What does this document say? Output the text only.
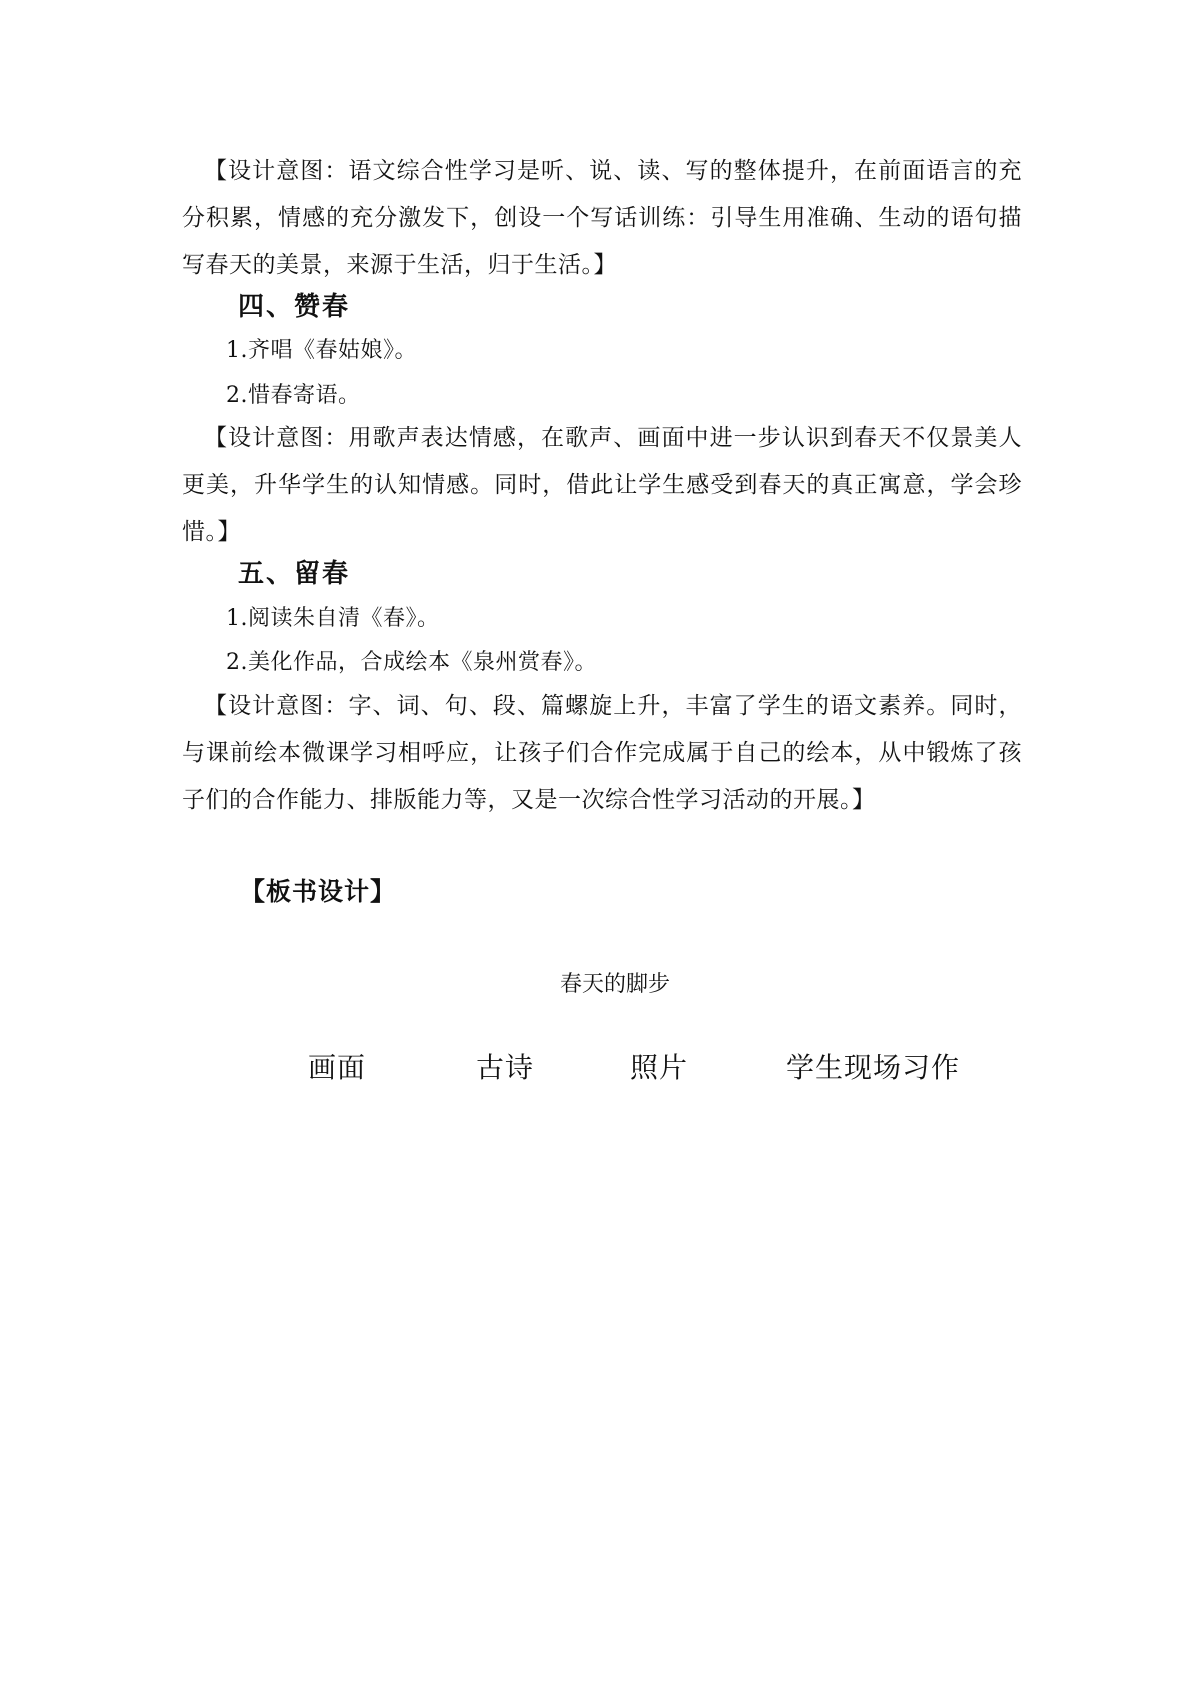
【设计意图：语文综合性学习是听、说、读、写的整体提升，在前面语言的充分积累，情感的充分激发下，创设一个写话训练：引导生用准确、生动的语句描写春天的美景，来源于生活，归于生活。】
四、赞春
1.齐唱《春姑娘》。
2.惜春寄语。
【设计意图：用歌声表达情感，在歌声、画面中进一步认识到春天不仅景美人更美，升华学生的认知情感。同时，借此让学生感受到春天的真正寓意，学会珍惜。】
五、留春
1.阅读朱自清《春》。
2.美化作品，合成绘本《泉州赏春》。
【设计意图：字、词、句、段、篇螺旋上升，丰富了学生的语文素养。同时，与课前绘本微课学习相呼应，让孩子们合作完成属于自己的绘本，从中锻炼了孩子们的合作能力、排版能力等，又是一次综合性学习活动的开展。】
【板书设计】
春天的脚步
画面	古诗	照片	学生现场习作
